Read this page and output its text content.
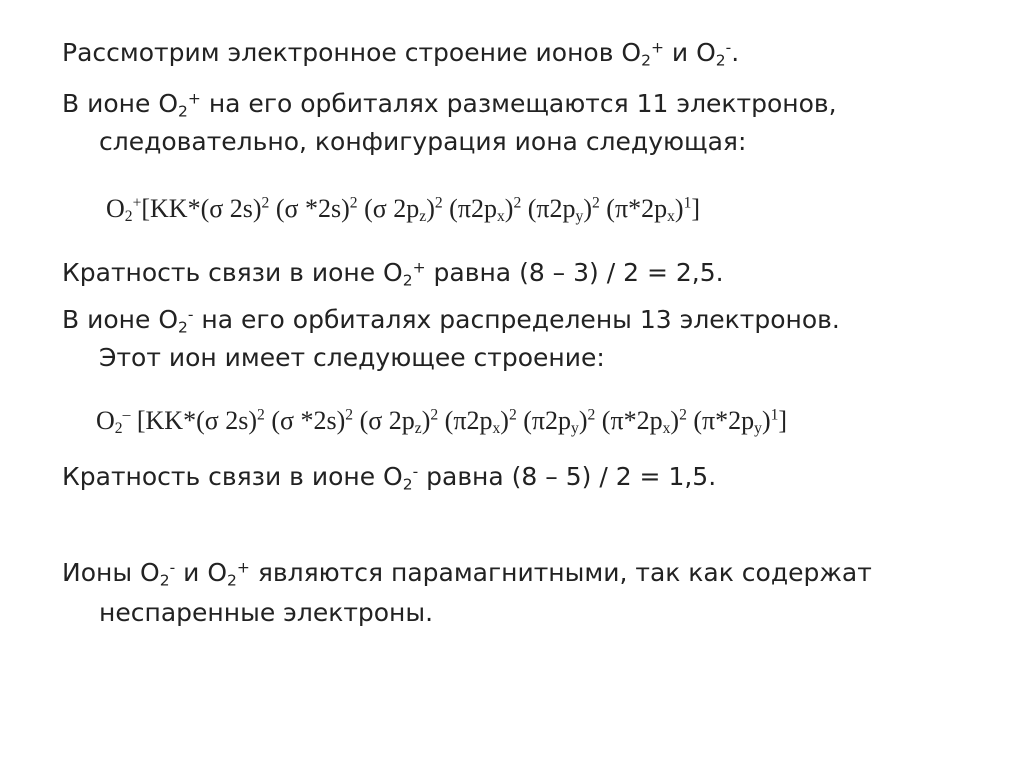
Рассмотрим электронное строение ионов $O_2^+$ и $O_2^-$.
В ионе $O_2^+$ на его орбиталях размещаются 11 электронов,
следовательно, конфигурация иона следующая:
$O_2^+[KK*(\sigma$ 2s)$^2$ (σ *2s)$^2$ (σ $2p_z)^2$ $(\pi 2p_x)^2$ $(\pi 2p_y)^2$ $(\pi*2p_x)^1$]
Кратность связи в ионе $O_2^+$ равна (8 – 3) / 2 = 2,5.
В ионе $O_2^-$ на его орбиталях распределены 13 электронов.
Этот ион имеет следующее строение:
$O_2^-$ [KK*(σ 2s)$^2$ (σ *2s)$^2$ (σ $2p_z)^2$ $(\pi 2p_x)^2$ $(\pi 2p_y)^2$ $(\pi*2p_x)^2$ $(\pi*2p_y)^1$]
Кратность связи в ионе $O_2^-$ равна (8 – 5) / 2 = 1,5.
Ионы $O_2^-$ и $O_2^+$ являются парамагнитными, так как содержат
неспаренные электроны.
